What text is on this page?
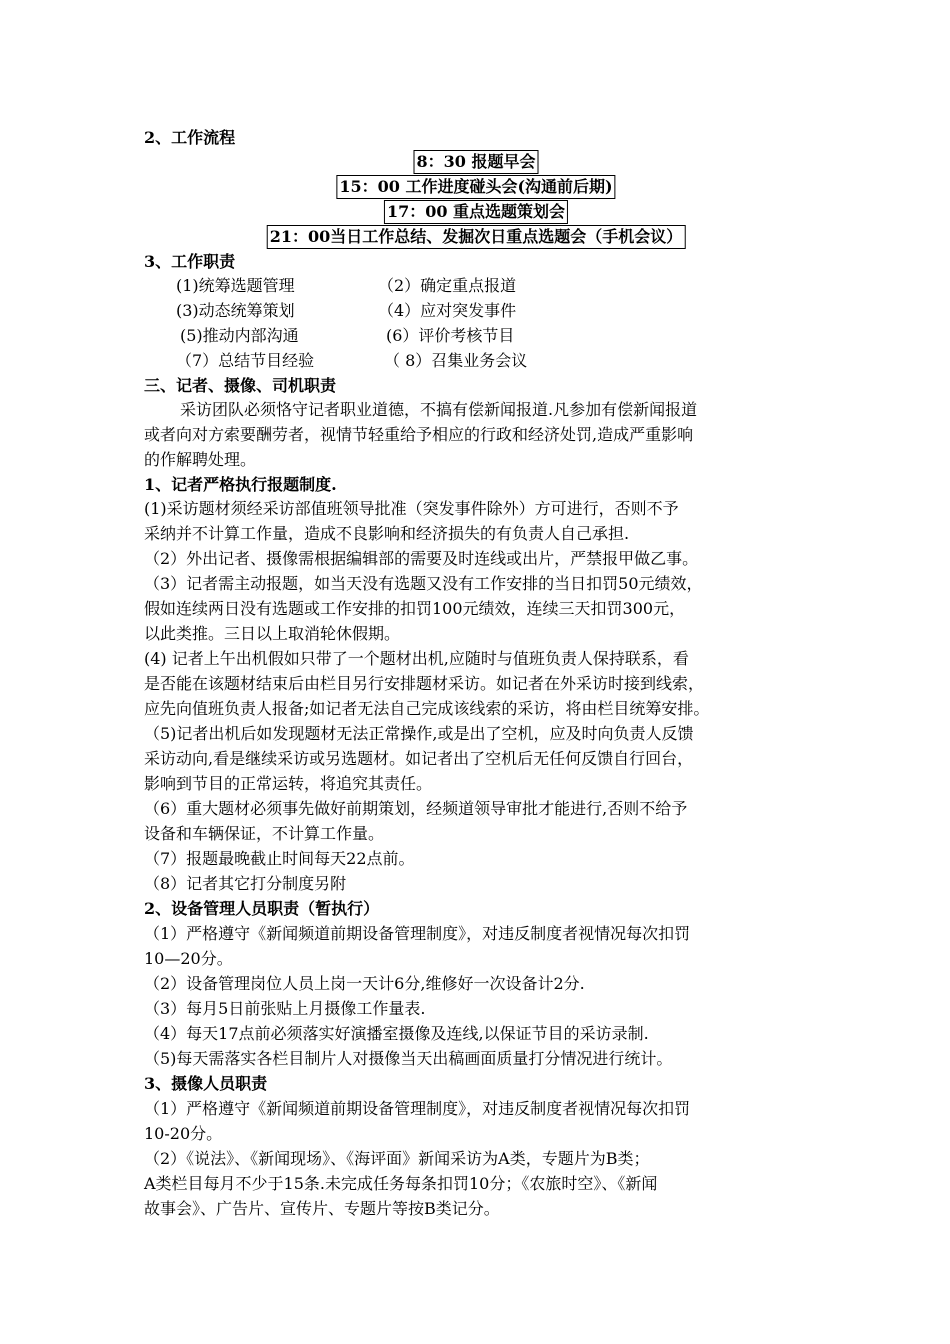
2、工作流程
8：30 报题早会
15：00 工作进度碰头会(沟通前后期)
17：00 重点选题策划会
21：00当日工作总结、发掘次日重点选题会（手机会议）
3、工作职责
(1)统筹选题管理	（2）确定重点报道
(3)动态统筹策划	（4）应对突发事件
(5)推动内部沟通	(6）评价考核节目
（7）总结节目经验	（ 8）召集业务会议
三、记者、摄像、司机职责
采访团队必须恪守记者职业道德，不搞有偿新闻报道.凡参加有偿新闻报道
或者向对方索要酬劳者，视情节轻重给予相应的行政和经济处罚,造成严重影响
的作解聘处理。
1、记者严格执行报题制度.
(1)采访题材须经采访部值班领导批准（突发事件除外）方可进行，否则不予
采纳并不计算工作量，造成不良影响和经济损失的有负责人自己承担.
（2）外出记者、摄像需根据编辑部的需要及时连线或出片，严禁报甲做乙事。
（3）记者需主动报题，如当天没有选题又没有工作安排的当日扣罚50元绩效，
假如连续两日没有选题或工作安排的扣罚100元绩效，连续三天扣罚300元，
以此类推。三日以上取消轮休假期。
(4) 记者上午出机假如只带了一个题材出机,应随时与值班负责人保持联系，看
是否能在该题材结束后由栏目另行安排题材采访。如记者在外采访时接到线索，
应先向值班负责人报备;如记者无法自己完成该线索的采访，将由栏目统筹安排。
（5)记者出机后如发现题材无法正常操作,或是出了空机，应及时向负责人反馈
采访动向,看是继续采访或另选题材。如记者出了空机后无任何反馈自行回台，
影响到节目的正常运转，将追究其责任。
（6）重大题材必须事先做好前期策划，经频道领导审批才能进行,否则不给予
设备和车辆保证，不计算工作量。
（7）报题最晚截止时间每天22点前。
（8）记者其它打分制度另附
2、设备管理人员职责（暂执行）
（1）严格遵守《新闻频道前期设备管理制度》，对违反制度者视情况每次扣罚
10—20分。
（2）设备管理岗位人员上岗一天计6分,维修好一次设备计2分.
（3）每月5日前张贴上月摄像工作量表.
（4）每天17点前必须落实好演播室摄像及连线,以保证节目的采访录制.
（5)每天需落实各栏目制片人对摄像当天出稿画面质量打分情况进行统计。
3、摄像人员职责
（1）严格遵守《新闻频道前期设备管理制度》，对违反制度者视情况每次扣罚
10-20分。
（2）《说法》、《新闻现场》、《海评面》新闻采访为A类，专题片为B类；
A类栏目每月不少于15条.未完成任务每条扣罚10分；《农旅时空》、《新闻
故事会》、广告片、宣传片、专题片等按B类记分。
